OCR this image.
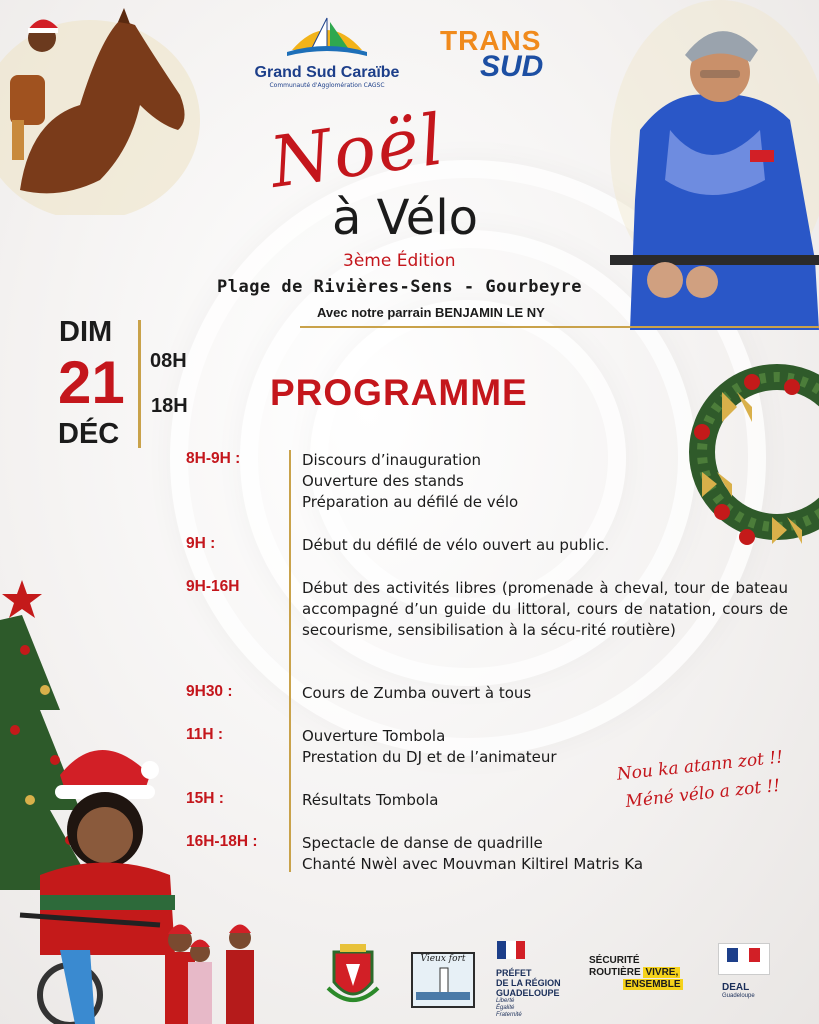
Grand Sud Caraïbe
Communauté d'Agglomération CAGSC
TRANS
SUD
Noël
à Vélo
3ème Édition
Plage de Rivières-Sens - Gourbeyre
Avec notre parrain BENJAMIN LE NY
DIM
21
DÉC
08H
18H PROGRAMME
8H-9H :	Discours d’inauguration
Ouverture des stands
Préparation au défilé de vélo
9H :	Début du défilé de vélo ouvert au public.
9H-16H	Début des activités libres (promenade à cheval, tour de bateau accompagné d’un guide du littoral, cours de natation, cours de secourisme, sensibilisation à la sécu-rité routière)
9H30 :	Cours de Zumba ouvert à tous
11H :	Ouverture Tombola
Prestation du DJ et de l’animateur
15H :	Résultats Tombola
16H-18H :	Spectacle de danse de quadrille
Chanté Nwèl avec Mouvman Kiltirel Matris Ka
Nou ka atann zot !!
Méné vélo a zot !!
Vieux fort
PRÉFET
DE LA RÉGION
GUADELOUPE
Liberté
Égalité
Fraternité
SÉCURITÉ
ROUTIÈRE VIVRE,
ENSEMBLE	DEAL
Guadeloupe
